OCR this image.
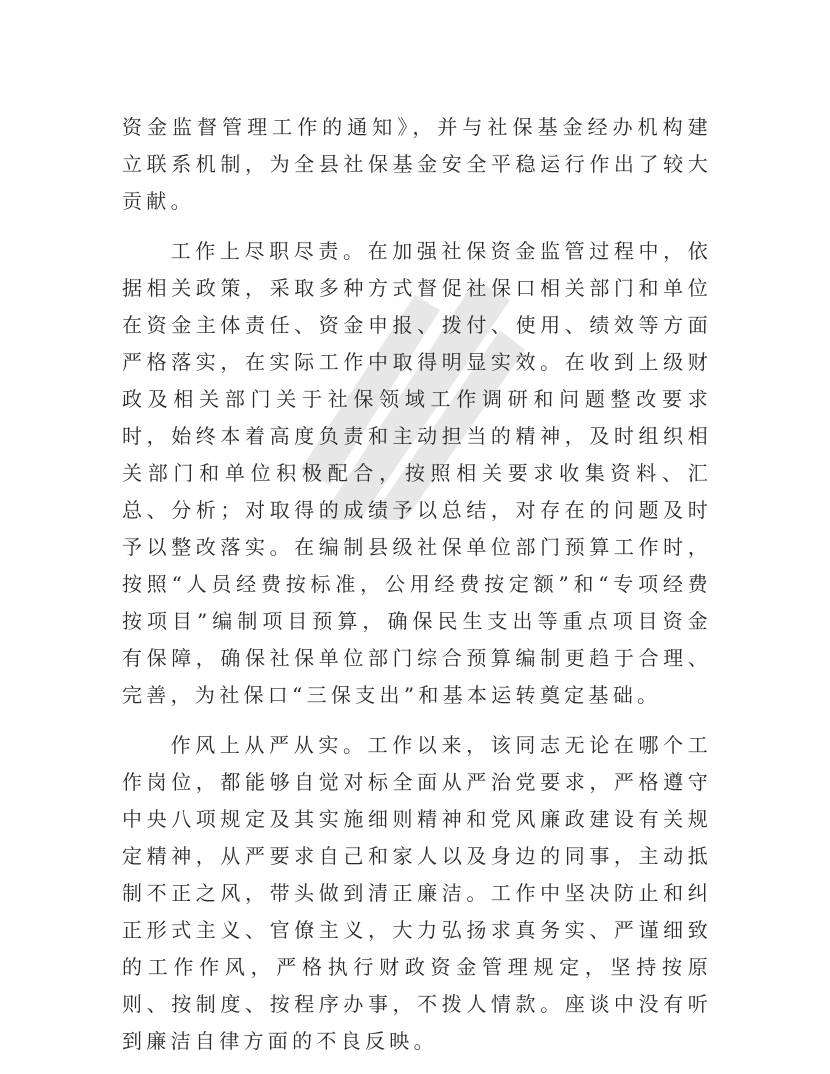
资金监督管理工作的通知》，并与社保基金经办机构建立联系机制，为全县社保基金安全平稳运行作出了较大贡献。

工作上尽职尽责。在加强社保资金监管过程中，依据相关政策，采取多种方式督促社保口相关部门和单位在资金主体责任、资金申报、拨付、使用、绩效等方面严格落实，在实际工作中取得明显实效。在收到上级财政及相关部门关于社保领域工作调研和问题整改要求时，始终本着高度负责和主动担当的精神，及时组织相关部门和单位积极配合，按照相关要求收集资料、汇总、分析；对取得的成绩予以总结，对存在的问题及时予以整改落实。在编制县级社保单位部门预算工作时，按照“人员经费按标准，公用经费按定额”和“专项经费按项目”编制项目预算，确保民生支出等重点项目资金有保障，确保社保单位部门综合预算编制更趋于合理、完善，为社保口“三保支出”和基本运转奠定基础。

作风上从严从实。工作以来，该同志无论在哪个工作岗位，都能够自觉对标全面从严治党要求，严格遵守中央八项规定及其实施细则精神和党风廉政建设有关规定精神，从严要求自己和家人以及身边的同事，主动抵制不正之风，带头做到清正廉洁。工作中坚决防止和纠正形式主义、官僚主义，大力弘扬求真务实、严谨细致的工作作风，严格执行财政资金管理规定，坚持按原则、按制度、按程序办事，不拨人情款。座谈中没有听到廉洁自律方面的不良反映。
